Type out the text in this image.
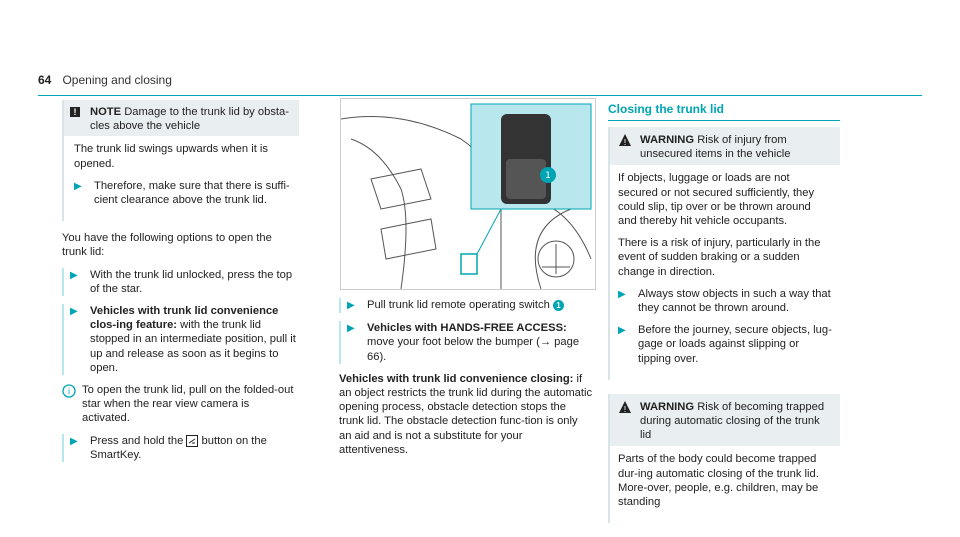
64 Opening and closing
!	NOTE Damage to the trunk lid by obsta-cles above the vehicle

The trunk lid swings upwards when it is opened.

▶	Therefore, make sure that there is suffi-cient clearance above the trunk lid.

You have the following options to open the trunk lid:

▶	With the trunk lid unlocked, press the top of the star.
▶	Vehicles with trunk lid convenience clos-ing feature: with the trunk lid stopped in an intermediate position, pull it up and release as soon as it begins to open.
i To open the trunk lid, pull on the folded-out star when the rear view camera is activated.
▶	Press and hold the button on the SmartKey.
1
▶	Pull trunk lid remote operating switch 1
▶	Vehicles with HANDS-FREE ACCESS: move your foot below the bumper (→ page 66).

Vehicles with trunk lid convenience closing: if an object restricts the trunk lid during the automatic opening process, obstacle detection stops the trunk lid. The obstacle detection func-tion is only an aid and is not a substitute for your attentiveness.

Closing the trunk lid
! WARNING Risk of injury from unsecured items in the vehicle

If objects, luggage or loads are not secured or not secured sufficiently, they could slip, tip over or be thrown around and thereby hit vehicle occupants.

There is a risk of injury, particularly in the event of sudden braking or a sudden change in direction.

▶	Always stow objects in such a way that they cannot be thrown around.
▶	Before the journey, secure objects, lug-gage or loads against slipping or tipping over.
! WARNING Risk of becoming trapped during automatic closing of the trunk lid

Parts of the body could become trapped dur-ing automatic closing of the trunk lid. More-over, people, e.g. children, may be standing
